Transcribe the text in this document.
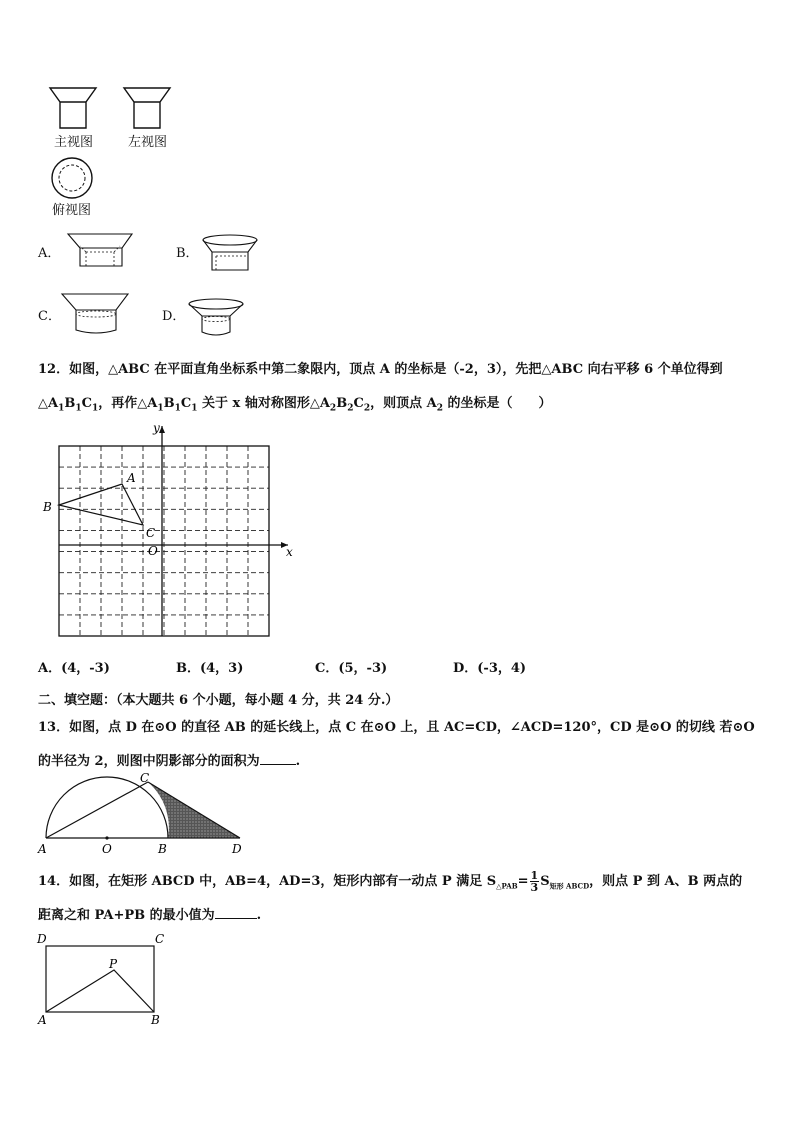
主视图	左视图
俯视图
A．	B．
C．	D．
12．如图，△ABC 在平面直角坐标系中第二象限内，顶点 A 的坐标是（-2，3），先把△ABC 向右平移 6 个单位得到
$\triangle A_1B_1C_1$，再作$\triangle A_1B_1C_1$ 关于 x 轴对称图形$\triangle A_2B_2C_2$，则顶点 $A_2$ 的坐标是（　　）
y
x
A
B
C
O
A．(4，-3)	B．(4，3)	C．(5，-3)	D．(-3，4)
二、填空题：（本大题共 6 个小题，每小题 4 分，共 24 分.）
13．如图，点 D 在⊙O 的直径 AB 的延长线上，点 C 在⊙O 上，且 AC=CD，∠ACD=120°，CD 是⊙O 的切线 若⊙O
的半径为 2，则图中阴影部分的面积为	.
A	O	B
C
D
14．如图，在矩形 ABCD 中，AB=4，AD=3，矩形内部有一动点 P 满足 $S_{\triangle PAB}= \frac{1}{3} S_{矩形 ABCD}$，则点 P 到 A、B 两点的
距离之和 PA+PB 的最小值为	.
D	C
P
A	B
